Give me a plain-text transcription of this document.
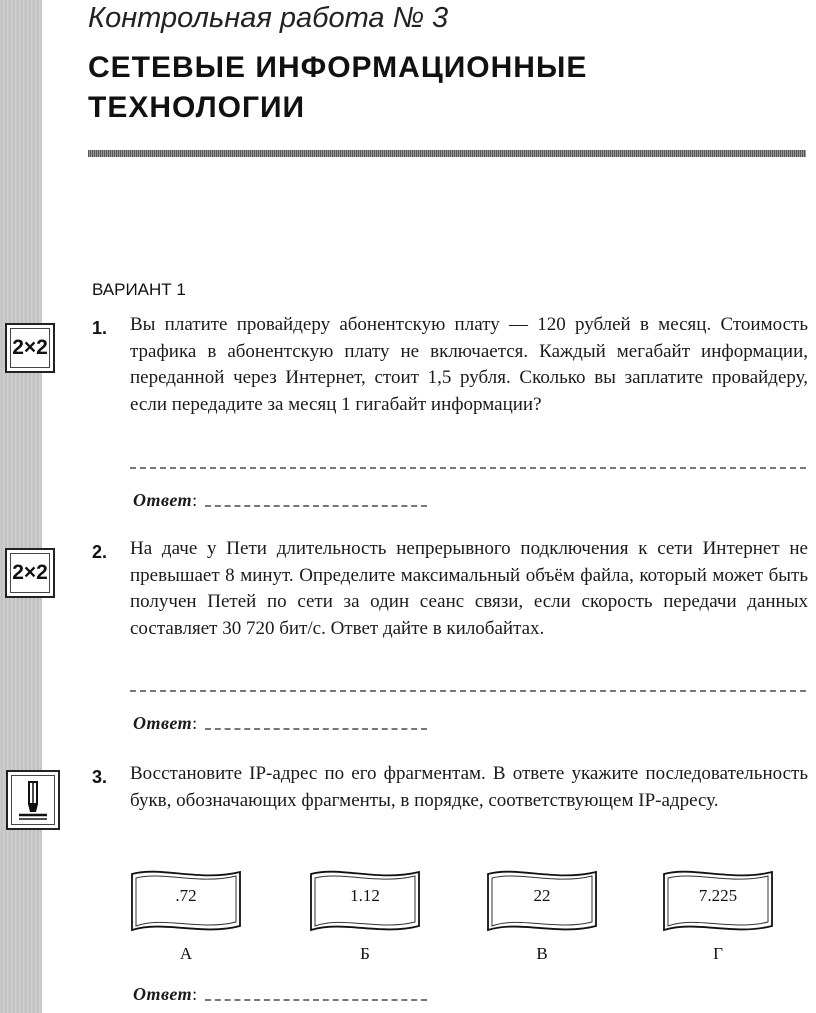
Контрольная работа № 3
СЕТЕВЫЕ ИНФОРМАЦИОННЫЕ
ТЕХНОЛОГИИ
ВАРИАНТ 1
2×2
1. Вы платите провайдеру абонентскую плату — 120 рублей в месяц. Стоимость трафика в абонентскую плату не включается. Каждый мегабайт информации, переданной через Интернет, стоит 1,5 рубля. Сколько вы заплатите провайдеру, если передадите за месяц 1 гигабайт информации?

Ответ :
2×2
2. На даче у Пети длительность непрерывного подключения к сети Интернет не превышает 8 минут. Определите максимальный объём файла, который может быть получен Петей по сети за один сеанс связи, если скорость передачи данных составляет 30 720 бит/с. Ответ дайте в килобайтах.

Ответ :
3. Восстановите IP-адрес по его фрагментам. В ответе укажите последовательность букв, обозначающих фрагменты, в порядке, соответствующем IP-адресу.

.72
А
1.12
Б
22
В
7.225
Г
Ответ :
